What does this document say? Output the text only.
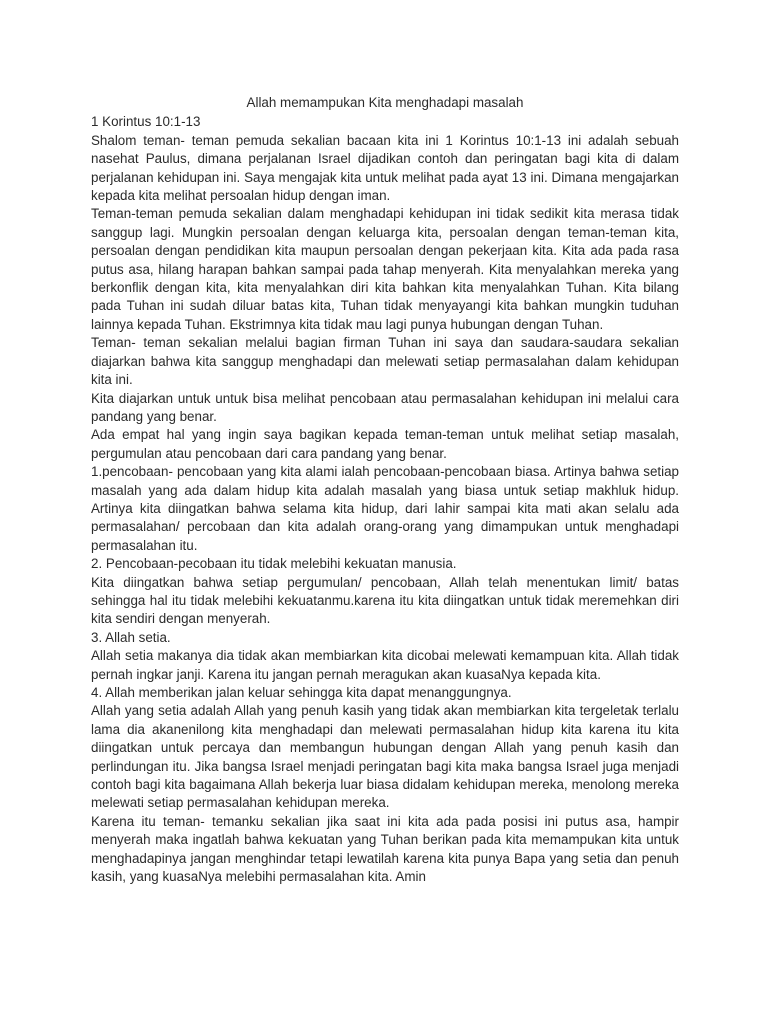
Allah memampukan Kita menghadapi masalah
1 Korintus 10:1-13
Shalom teman- teman pemuda sekalian bacaan kita ini 1 Korintus 10:1-13 ini adalah sebuah nasehat Paulus, dimana perjalanan Israel dijadikan contoh dan peringatan bagi kita di dalam perjalanan kehidupan ini. Saya mengajak kita untuk melihat pada ayat 13 ini. Dimana mengajarkan kepada kita melihat persoalan hidup dengan iman.
Teman-teman pemuda sekalian dalam menghadapi kehidupan ini tidak sedikit kita merasa tidak sanggup lagi. Mungkin persoalan dengan keluarga kita, persoalan dengan teman-teman kita, persoalan dengan pendidikan kita maupun persoalan dengan pekerjaan kita. Kita ada pada rasa putus asa, hilang harapan bahkan sampai pada tahap menyerah. Kita menyalahkan mereka yang berkonflik dengan kita, kita menyalahkan diri kita bahkan kita menyalahkan Tuhan. Kita bilang pada Tuhan ini sudah diluar batas kita, Tuhan tidak menyayangi kita bahkan mungkin tuduhan lainnya kepada Tuhan. Ekstrimnya kita tidak mau lagi punya hubungan dengan Tuhan.
Teman- teman sekalian melalui bagian firman Tuhan ini saya dan saudara-saudara sekalian diajarkan bahwa kita sanggup menghadapi dan melewati setiap permasalahan dalam kehidupan kita ini.
Kita diajarkan untuk untuk bisa melihat pencobaan atau permasalahan kehidupan ini melalui cara pandang yang benar.
Ada empat hal yang ingin saya bagikan kepada teman-teman untuk melihat setiap masalah, pergumulan atau pencobaan dari cara pandang yang benar.
1.pencobaan- pencobaan yang kita alami ialah pencobaan-pencobaan biasa. Artinya bahwa setiap masalah yang ada dalam hidup kita adalah masalah yang biasa untuk setiap makhluk hidup. Artinya kita diingatkan bahwa selama kita hidup, dari lahir sampai kita mati akan selalu ada permasalahan/ percobaan dan kita adalah orang-orang yang dimampukan untuk menghadapi permasalahan itu.
2. Pencobaan-pecobaan itu tidak melebihi kekuatan manusia.
Kita diingatkan bahwa setiap pergumulan/ pencobaan, Allah telah menentukan limit/ batas sehingga hal itu tidak melebihi kekuatanmu.karena itu kita diingatkan untuk tidak meremehkan diri kita sendiri dengan menyerah.
3. Allah setia.
Allah setia makanya dia tidak akan membiarkan kita dicobai melewati kemampuan kita. Allah tidak pernah ingkar janji. Karena itu jangan pernah meragukan akan kuasaNya kepada kita.
4. Allah memberikan jalan keluar sehingga kita dapat menanggungnya.
Allah yang setia adalah Allah yang penuh kasih yang tidak akan membiarkan kita tergeletak terlalu lama dia akanenilong kita menghadapi dan melewati permasalahan hidup kita karena itu kita diingatkan untuk percaya dan membangun hubungan dengan Allah yang penuh kasih dan perlindungan itu. Jika bangsa Israel menjadi peringatan bagi kita maka bangsa Israel juga menjadi contoh bagi kita bagaimana Allah bekerja luar biasa didalam kehidupan mereka, menolong mereka melewati setiap permasalahan kehidupan mereka.
Karena itu teman- temanku sekalian jika saat ini kita ada pada posisi ini putus asa, hampir menyerah maka ingatlah bahwa kekuatan yang Tuhan berikan pada kita memampukan kita untuk menghadapinya jangan menghindar tetapi lewatilah karena kita punya Bapa yang setia dan penuh kasih, yang kuasaNya melebihi permasalahan kita. Amin
